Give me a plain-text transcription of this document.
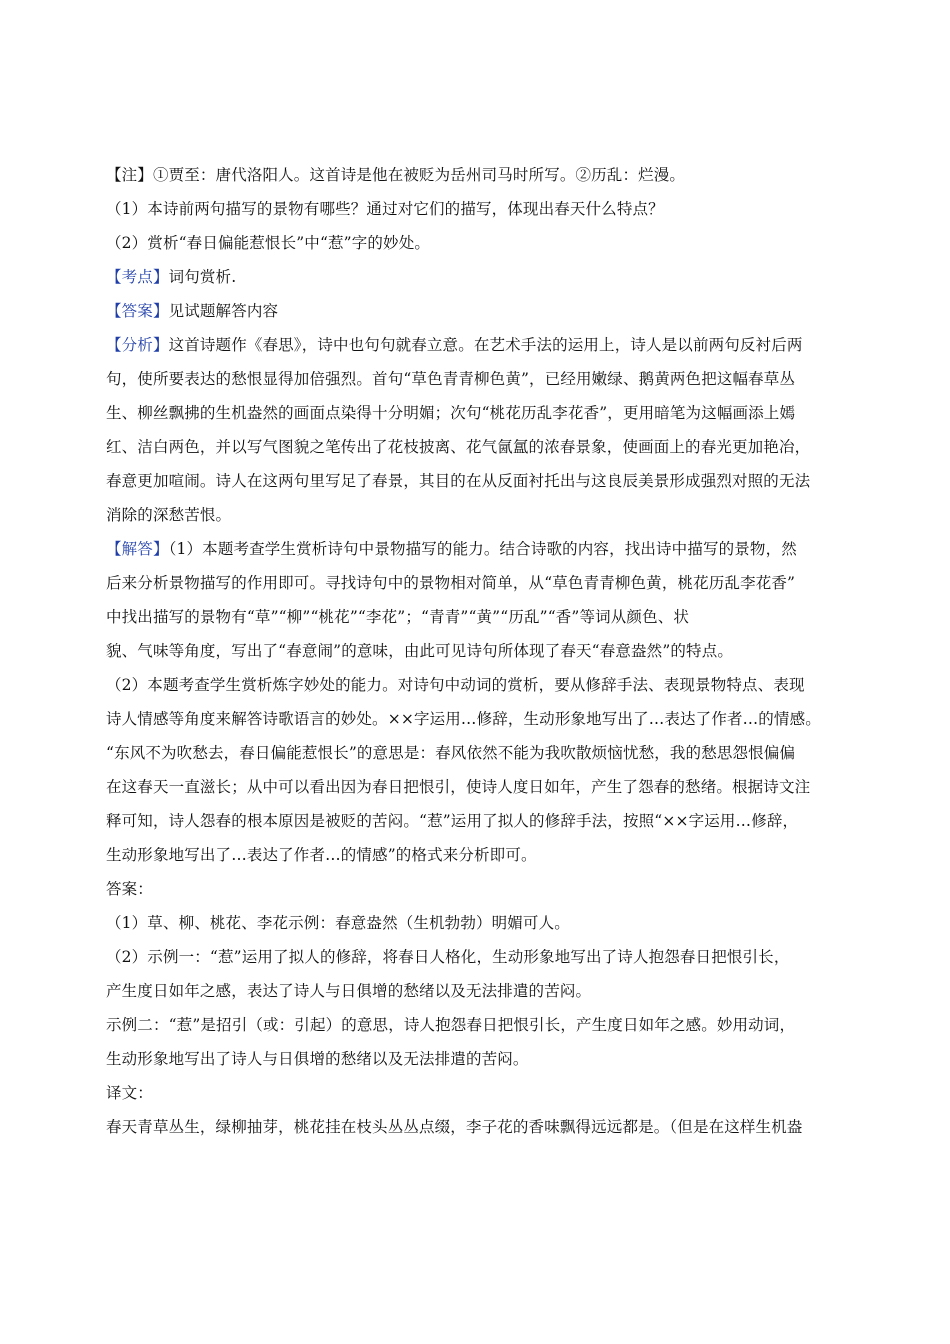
【注】①贾至：唐代洛阳人。这首诗是他在被贬为岳州司马时所写。②历乱：烂漫。
（1）本诗前两句描写的景物有哪些？通过对它们的描写，体现出春天什么特点？
（2）赏析“春日偏能惹恨长”中“惹”字的妙处。
【考点】词句赏析.
【答案】见试题解答内容
【分析】这首诗题作《春思》，诗中也句句就春立意。在艺术手法的运用上，诗人是以前两句反衬后两
句，使所要表达的愁恨显得加倍强烈。首句“草色青青柳色黄”，已经用嫩绿、鹅黄两色把这幅春草丛
生、柳丝飘拂的生机盎然的画面点染得十分明媚；次句“桃花历乱李花香”，更用暗笔为这幅画添上嫣
红、洁白两色，并以写气图貌之笔传出了花枝披离、花气氤氲的浓春景象，使画面上的春光更加艳冶，
春意更加喧闹。诗人在这两句里写足了春景，其目的在从反面衬托出与这良辰美景形成强烈对照的无法
消除的深愁苦恨。
【解答】（1）本题考查学生赏析诗句中景物描写的能力。结合诗歌的内容，找出诗中描写的景物，然
后来分析景物描写的作用即可。寻找诗句中的景物相对简单，从“草色青青柳色黄，桃花历乱李花香”
中找出描写的景物有“草”“柳”“桃花”“李花”；“青青”“黄”“历乱”“香”等词从颜色、状
貌、气味等角度，写出了“春意闹”的意味，由此可见诗句所体现了春天“春意盎然”的特点。
（2）本题考查学生赏析炼字妙处的能力。对诗句中动词的赏析，要从修辞手法、表现景物特点、表现
诗人情感等角度来解答诗歌语言的妙处。××字运用…修辞，生动形象地写出了…表达了作者…的情感。
“东风不为吹愁去，春日偏能惹恨长”的意思是：春风依然不能为我吹散烦恼忧愁，我的愁思怨恨偏偏
在这春天一直滋长；从中可以看出因为春日把恨引，使诗人度日如年，产生了怨春的愁绪。根据诗文注
释可知，诗人怨春的根本原因是被贬的苦闷。“惹”运用了拟人的修辞手法，按照“××字运用…修辞，
生动形象地写出了…表达了作者…的情感”的格式来分析即可。
答案：
（1）草、柳、桃花、李花示例：春意盎然（生机勃勃）明媚可人。
（2）示例一：“惹”运用了拟人的修辞，将春日人格化，生动形象地写出了诗人抱怨春日把恨引长，
产生度日如年之感，表达了诗人与日俱增的愁绪以及无法排遣的苦闷。
示例二：“惹”是招引（或：引起）的意思，诗人抱怨春日把恨引长，产生度日如年之感。妙用动词，
生动形象地写出了诗人与日俱增的愁绪以及无法排遣的苦闷。
译文：
春天青草丛生，绿柳抽芽，桃花挂在枝头丛丛点缀，李子花的香味飘得远远都是。（但是在这样生机盎
